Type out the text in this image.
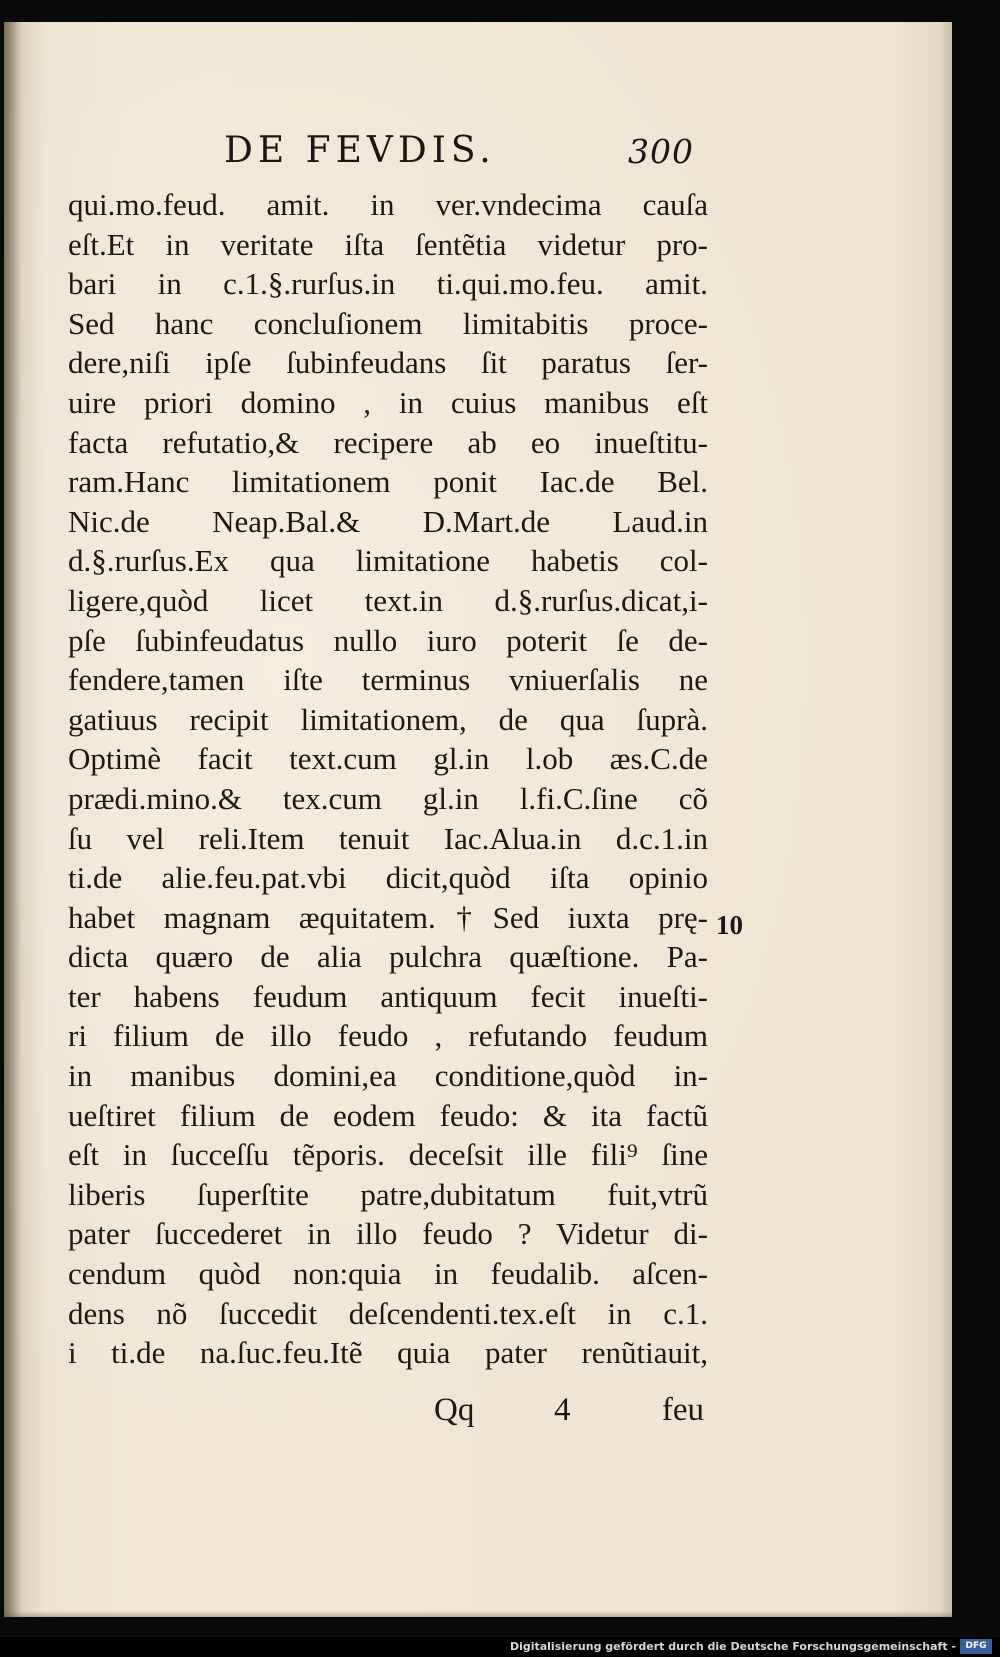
DE FEVDIS.	300
qui.mo.feud. amit. in ver.vndecima cauſa
eſt.Et in veritate iſta ſentẽtia videtur pro-
bari in c.1.§.rurſus.in ti.qui.mo.feu. amit.
Sed hanc concluſionem limitabitis proce-
dere,niſi ipſe ſubinfeudans ſit paratus ſer-
uire priori domino , in cuius manibus eſt
facta refutatio,& recipere ab eo inueſtitu-
ram.Hanc limitationem ponit Iac.de Bel.
Nic.de Neap.Bal.& D.Mart.de Laud.in
d.§.rurſus.Ex qua limitatione habetis col-
ligere,quòd licet text.in d.§.rurſus.dicat,i-
pſe ſubinfeudatus nullo iuro poterit ſe de-
fendere,tamen iſte terminus vniuerſalis ne
gatiuus recipit limitationem, de qua ſuprà.
Optimè facit text.cum gl.in l.ob æs.C.de
prædi.mino.& tex.cum gl.in l.fi.C.ſine cõ
ſu vel reli.Item tenuit Iac.Alua.in d.c.1.in
ti.de alie.feu.pat.vbi dicit,quòd iſta opinio
habet magnam æquitatem.†Sed iuxta prę-
dicta quæro de alia pulchra quæſtione. Pa-
ter habens feudum antiquum fecit inueſti-
ri filium de illo feudo , refutando feudum
in manibus domini,ea conditione,quòd in-
ueſtiret filium de eodem feudo: & ita factũ
eſt in ſucceſſu tẽporis. deceſsit ille fili⁹ ſine
liberis ſuperſtite patre,dubitatum fuit,vtrũ
pater ſuccederet in illo feudo ? Videtur di-
cendum quòd non:quia in feudalib. aſcen-
dens nõ ſuccedit deſcendenti.tex.eſt in c.1.
i ti.de na.ſuc.feu.Itẽ quia pater renũtiauit,
10
Qq 4	feu
Digitalisierung gefördert durch die Deutsche Forschungsgemeinschaft -	DFG
